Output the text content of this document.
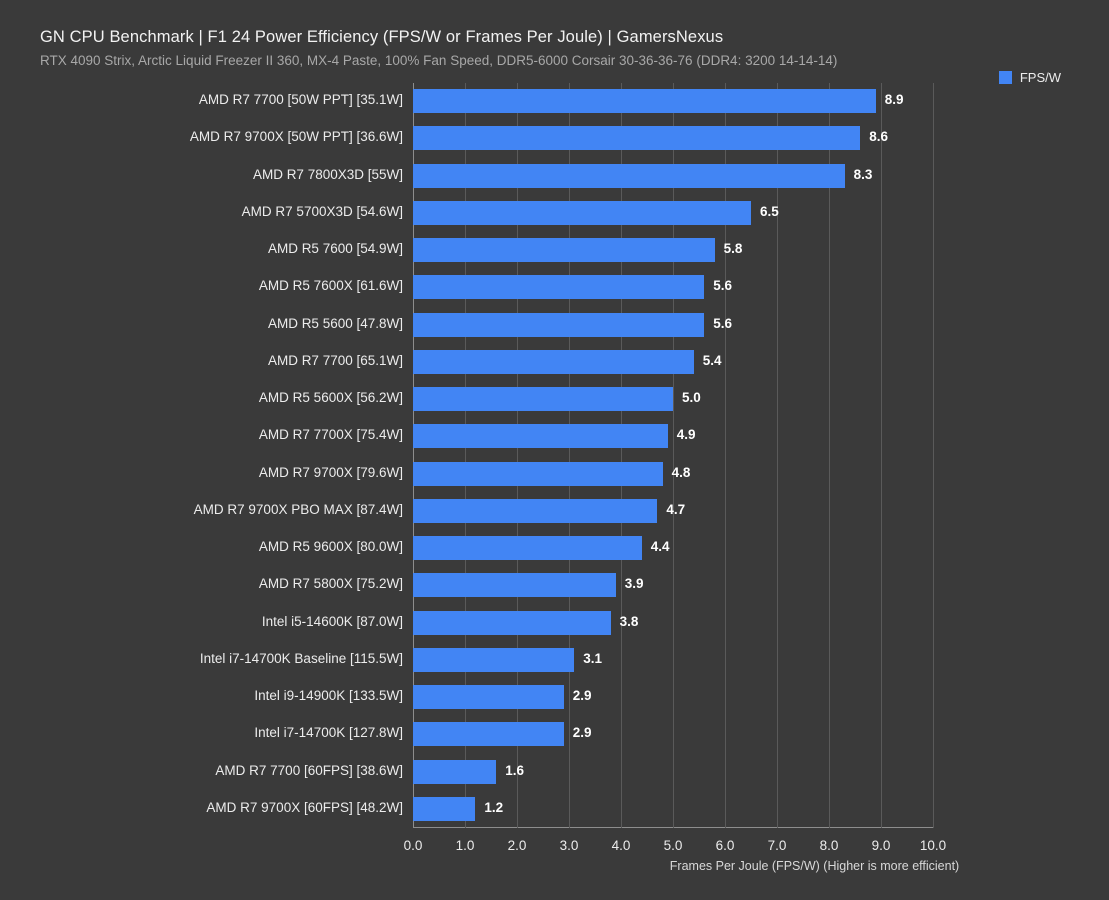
GN CPU Benchmark | F1 24 Power Efficiency (FPS/W or Frames Per Joule) | GamersNexus
RTX 4090 Strix, Arctic Liquid Freezer II 360, MX-4 Paste, 100% Fan Speed, DDR5-6000 Corsair 30-36-36-76 (DDR4: 3200 14-14-14)
FPS/W
AMD R7 7700 [50W PPT] [35.1W]	8.9
AMD R7 9700X [50W PPT] [36.6W]	8.6
AMD R7 7800X3D [55W]	8.3
AMD R7 5700X3D [54.6W]	6.5
AMD R5 7600 [54.9W]	5.8
AMD R5 7600X [61.6W]	5.6
AMD R5 5600 [47.8W]	5.6
AMD R7 7700 [65.1W]	5.4
AMD R5 5600X [56.2W]	5.0
AMD R7 7700X [75.4W]	4.9
AMD R7 9700X [79.6W]	4.8
AMD R7 9700X PBO MAX [87.4W]	4.7
AMD R5 9600X [80.0W]	4.4
AMD R7 5800X [75.2W]	3.9
Intel i5-14600K [87.0W]	3.8
Intel i7-14700K Baseline [115.5W]	3.1
Intel i9-14900K [133.5W]	2.9
Intel i7-14700K [127.8W]	2.9
AMD R7 7700 [60FPS] [38.6W]	1.6
AMD R7 9700X [60FPS] [48.2W]	1.2
0.0 1.0 2.0 3.0 4.0 5.0 6.0 7.0 8.0 9.0 10.0
Frames Per Joule (FPS/W) (Higher is more efficient)
